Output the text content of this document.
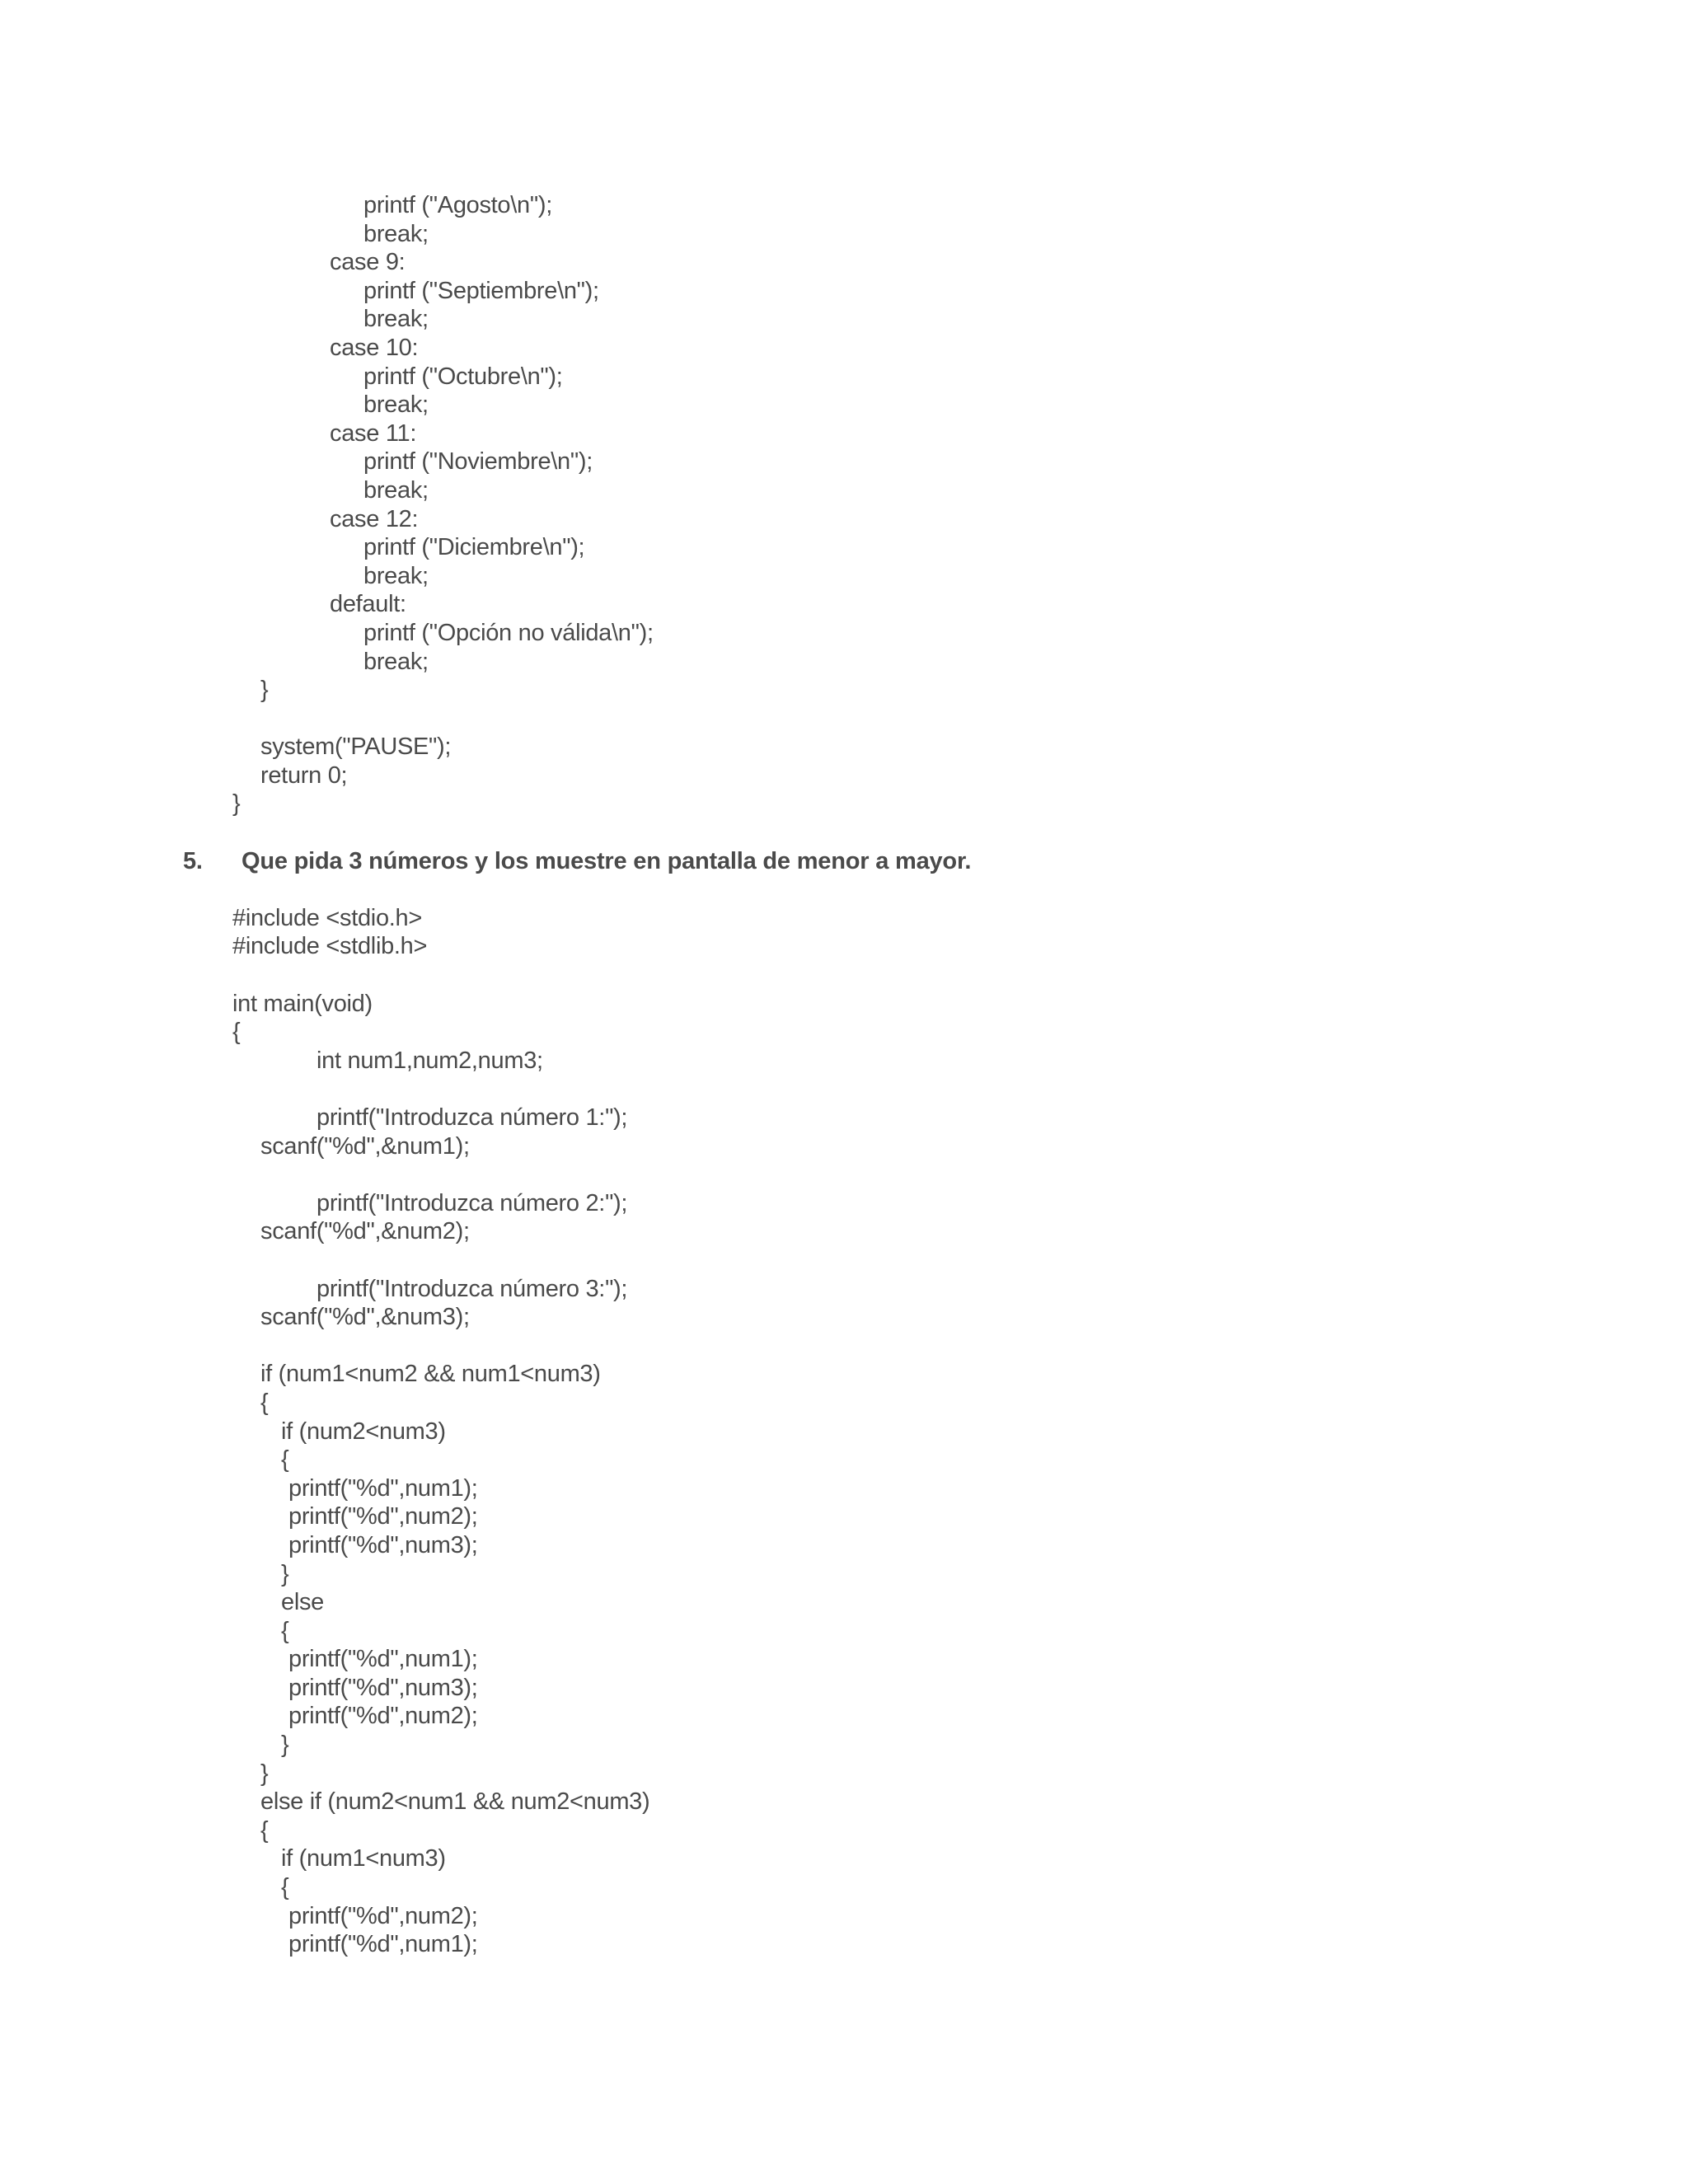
printf ("Agosto\n");
break;
case 9:
printf ("Septiembre\n");
break;
case 10:
printf ("Octubre\n");
break;
case 11:
printf ("Noviembre\n");
break;
case 12:
printf ("Diciembre\n");
break;
default:
printf ("Opción no válida\n");
break;
}
system("PAUSE");
return 0;
}
5. Que pida 3 números y los muestre en pantalla de menor a mayor.
#include <stdio.h>
#include <stdlib.h>
int main(void)
{
int num1,num2,num3;
printf("Introduzca número 1:");
scanf("%d",&num1);
printf("Introduzca número 2:");
scanf("%d",&num2);
printf("Introduzca número 3:");
scanf("%d",&num3);
if (num1<num2 && num1<num3)
{
if (num2<num3)
{
printf("%d",num1);
printf("%d",num2);
printf("%d",num3);
}
else
{
printf("%d",num1);
printf("%d",num3);
printf("%d",num2);
}
}
else if (num2<num1 && num2<num3)
{
if (num1<num3)
{
printf("%d",num2);
printf("%d",num1);
